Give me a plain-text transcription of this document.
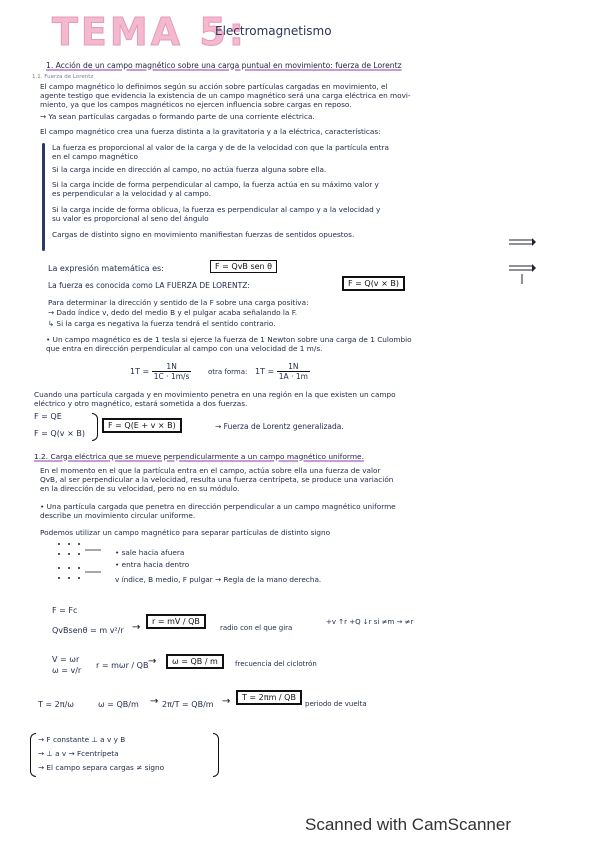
TEMA 5:
Electromagnetismo
1. Acción de un campo magnético sobre una carga puntual en movimiento: fuerza de Lorentz
1.1. Fuerza de Lorentz
El campo magnético lo definimos según su acción sobre partículas cargadas en movimiento, el
agente testigo que evidencia la existencia de un campo magnético será una carga eléctrica en movi-
miento, ya que los campos magnéticos no ejercen influencia sobre cargas en reposo.
→ Ya sean partículas cargadas o formando parte de una corriente eléctrica.
El campo magnético crea una fuerza distinta a la gravitatoria y a la eléctrica, características:
La fuerza es proporcional al valor de la carga y de de la velocidad con que la partícula entra
en el campo magnético
Si la carga incide en dirección al campo, no actúa fuerza alguna sobre ella.
Si la carga incide de forma perpendicular al campo, la fuerza actúa en su máximo valor y
es perpendicular a la velocidad y al campo.
Si la carga incide de forma oblicua, la fuerza es perpendicular al campo y a la velocidad y
su valor es proporcional al seno del ángulo
Cargas de distinto signo en movimiento manifiestan fuerzas de sentidos opuestos.
La expresión matemática es:	F = QvB sen θ
La fuerza es conocida como LA FUERZA DE LORENTZ:	F = Q(v × B)
Para determinar la dirección y sentido de la F sobre una carga positiva:
→ Dado índice v, dedo del medio B y el pulgar acaba señalando la F.
↳ Si la carga es negativa la fuerza tendrá el sentido contrario.
• Un campo magnético es de 1 tesla si ejerce la fuerza de 1 Newton sobre una carga de 1 Culombio
que entra en dirección perpendicular al campo con una velocidad de 1 m/s.
$1T = \frac{1N}{1C \cdot 1m/s}$ otra forma: $1T = \frac{1N}{1A \cdot 1m}$
Cuando una partícula cargada y en movimiento penetra en una región en la que existen un campo
eléctrico y otro magnético, estará sometida a dos fuerzas.
F = QE
F = Q(v × B)
F = Q(E + v × B)	→ Fuerza de Lorentz generalizada.
1.2. Carga eléctrica que se mueve perpendicularmente a un campo magnético uniforme.
En el momento en el que la partícula entra en el campo, actúa sobre ella una fuerza de valor
QvB, al ser perpendicular a la velocidad, resulta una fuerza centrípeta, se produce una variación
en la dirección de su velocidad, pero no en su módulo.
• Una partícula cargada que penetra en dirección perpendicular a un campo magnético uniforme
describe un movimiento circular uniforme.
Podemos utilizar un campo magnético para separar partículas de distinto signo
• sale hacia afuera
• entra hacia dentro
v índice, B medio, F pulgar → Regla de la mano derecha.
F = Fc
QvBsenθ = m v²/r →
r = mV / QB
radio con el que gira
+v ↑r +Q ↓r si ≠m → ≠r
V = ωr
ω = v/r
r = mωr / QB →	ω = QB / m	frecuencia del ciclotrón
T = 2π/ω	ω = QB/m → 2π/T = QB/m →	T = 2πm / QB
periodo de vuelta
→ F constante ⊥ a v y B
→ ⊥ a v → Fcentrípeta
→ El campo separa cargas ≠ signo
Scanned with CamScanner
